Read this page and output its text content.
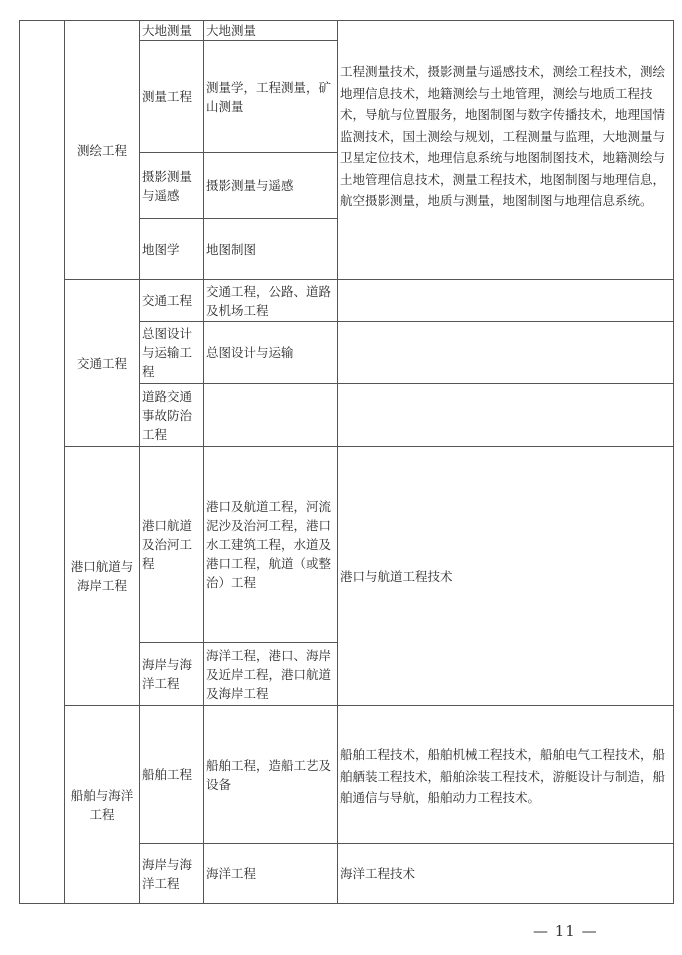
	测绘工程	大地测量	大地测量	工程测量技术，摄影测量与遥感技术，测绘工程技术，测绘地理信息技术，地籍测绘与土地管理，测绘与地质工程技术，导航与位置服务，地图制图与数字传播技术，地理国情监测技术，国土测绘与规划，工程测量与监理，大地测量与卫星定位技术，地理信息系统与地图制图技术，地籍测绘与土地管理信息技术，测量工程技术，地图制图与地理信息，航空摄影测量，地质与测量，地图制图与地理信息系统。
		测量工程	测量学，工程测量，矿山测量	
		摄影测量与遥感	摄影测量与遥感	
		地图学	地图制图	
	交通工程	交通工程	交通工程，公路、道路及机场工程	
		总图设计与运输工程	总图设计与运输	
		道路交通事故防治工程		
	港口航道与海岸工程	港口航道及治河工程	港口及航道工程，河流泥沙及治河工程，港口水工建筑工程，水道及港口工程，航道（或整治）工程	港口与航道工程技术
		海岸与海洋工程	海洋工程，港口、海岸及近岸工程，港口航道及海岸工程	
	船舶与海洋工程	船舶工程	船舶工程，造船工艺及设备	船舶工程技术，船舶机械工程技术，船舶电气工程技术，船舶舾装工程技术，船舶涂装工程技术，游艇设计与制造，船舶通信与导航，船舶动力工程技术。
		海岸与海洋工程	海洋工程	海洋工程技术
— 11 —
